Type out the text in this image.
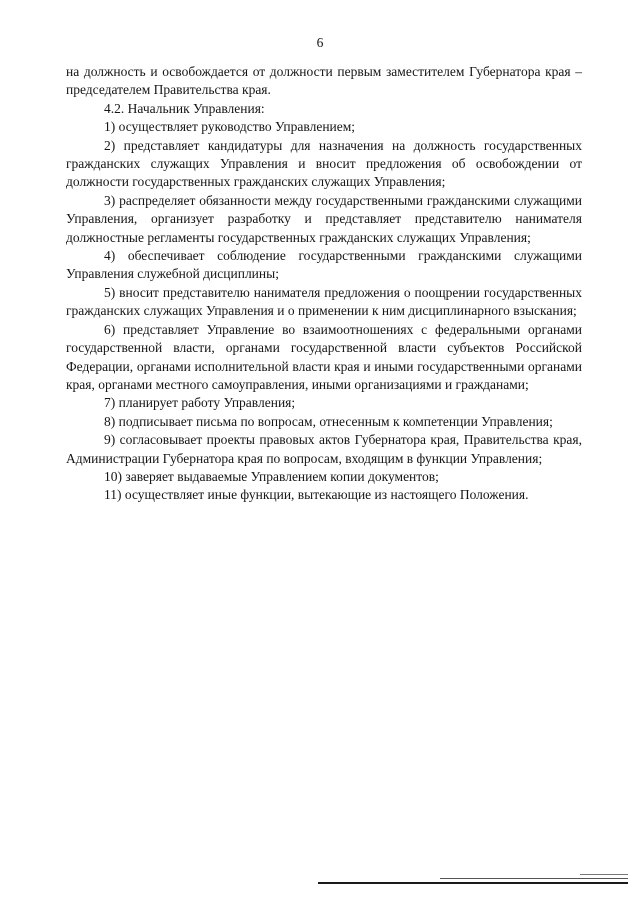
6

на должность и освобождается от должности первым заместителем Губернатора края – председателем Правительства края.

4.2. Начальник Управления:

1) осуществляет руководство Управлением;

2) представляет кандидатуры для назначения на должность государственных гражданских служащих Управления и вносит предложения об освобождении от должности государственных гражданских служащих Управления;

3) распределяет обязанности между государственными гражданскими служащими Управления, организует разработку и представляет представителю нанимателя должностные регламенты государственных гражданских служащих Управления;

4) обеспечивает соблюдение государственными гражданскими служащими Управления служебной дисциплины;

5) вносит представителю нанимателя предложения о поощрении государственных гражданских служащих Управления и о применении к ним дисциплинарного взыскания;

6) представляет Управление во взаимоотношениях с федеральными органами государственной власти, органами государственной власти субъектов Российской Федерации, органами исполнительной власти края и иными государственными органами края, органами местного самоуправления, иными организациями и гражданами;

7) планирует работу Управления;

8) подписывает письма по вопросам, отнесенным к компетенции Управления;

9) согласовывает проекты правовых актов Губернатора края, Правительства края, Администрации Губернатора края по вопросам, входящим в функции Управления;

10) заверяет выдаваемые Управлением копии документов;

11) осуществляет иные функции, вытекающие из настоящего Положения.
